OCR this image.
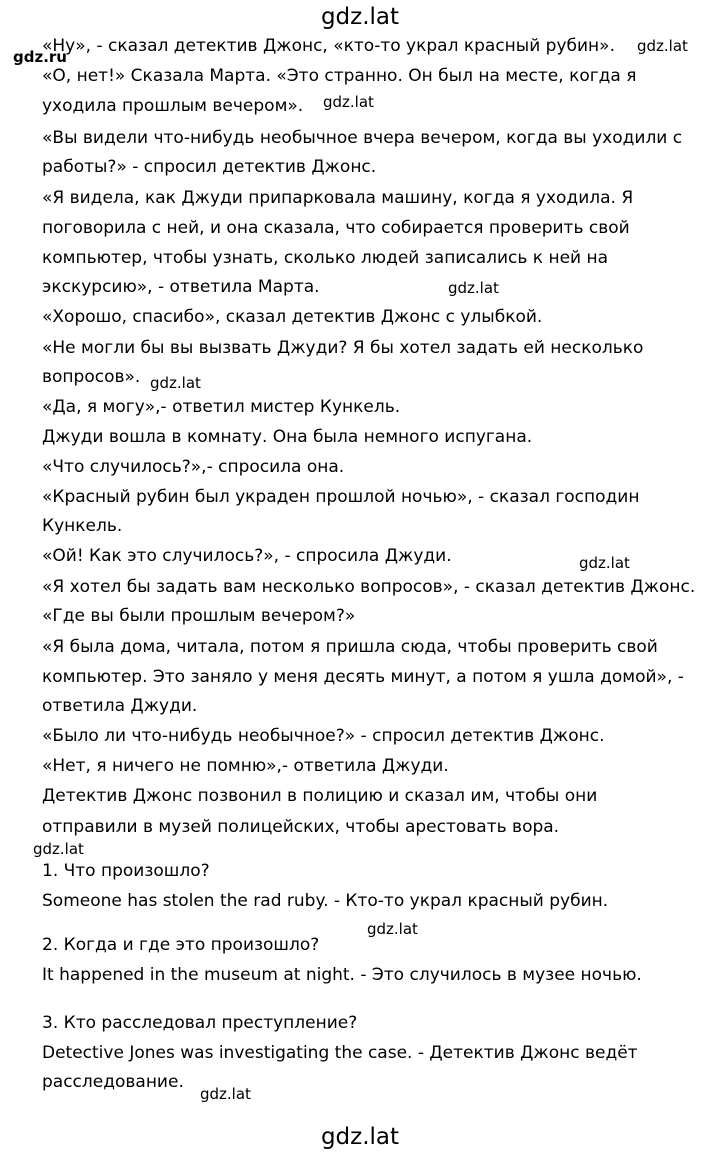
gdz.lat
gdz.ru
«Ну», - сказал детектив Джонс, «кто-то украл красный рубин».
«О, нет!» Сказала Марта. «Это странно. Он был на месте, когда я
уходила прошлым вечером».
«Вы видели что-нибудь необычное вчера вечером, когда вы уходили с
работы?» - спросил детектив Джонс.
«Я видела, как Джуди припарковала машину, когда я уходила. Я
поговорила с ней, и она сказала, что собирается проверить свой
компьютер, чтобы узнать, сколько людей записались к ней на
экскурсию», - ответила Марта.
«Хорошо, спасибо», сказал детектив Джонс с улыбкой.
«Не могли бы вы вызвать Джуди? Я бы хотел задать ей несколько
вопросов».
«Да, я могу»,- ответил мистер Кункель.
Джуди вошла в комнату. Она была немного испугана.
«Что случилось?»,- спросила она.
«Красный рубин был украден прошлой ночью», - сказал господин
Кункель.
«Ой! Как это случилось?», - спросила Джуди.
«Я хотел бы задать вам несколько вопросов», - сказал детектив Джонс.
«Где вы были прошлым вечером?»
«Я была дома, читала, потом я пришла сюда, чтобы проверить свой
компьютер. Это заняло у меня десять минут, а потом я ушла домой», -
ответила Джуди.
«Было ли что-нибудь необычное?» - спросил детектив Джонс.
«Нет, я ничего не помню»,- ответила Джуди.
Детектив Джонс позвонил в полицию и сказал им, чтобы они
отправили в музей полицейских, чтобы арестовать вора.
1. Что произошло?
Someone has stolen the rad ruby. - Кто-то украл красный рубин.
2. Когда и где это произошло?
It happened in the museum at night. - Это случилось в музее ночью.
3. Кто расследовал преступление?
Detective Jones was investigating the case. - Детектив Джонс ведёт
расследование.
gdz.lat
gdz.lat
gdz.lat
gdz.lat
gdz.lat
gdz.lat
gdz.lat
gdz.lat
gdz.lat
